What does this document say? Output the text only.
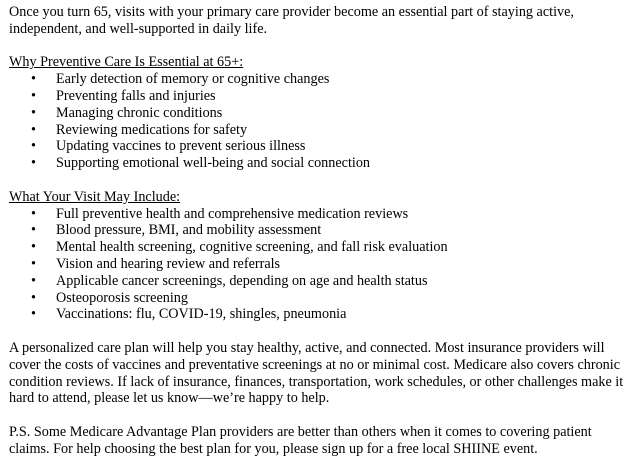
Once you turn 65, visits with your primary care provider become an essential part of staying active, independent, and well-supported in daily life.

Why Preventive Care Is Essential at 65+:

• Early detection of memory or cognitive changes
• Preventing falls and injuries
• Managing chronic conditions
• Reviewing medications for safety
• Updating vaccines to prevent serious illness
• Supporting emotional well-being and social connection

What Your Visit May Include:

• Full preventive health and comprehensive medication reviews
• Blood pressure, BMI, and mobility assessment
• Mental health screening, cognitive screening, and fall risk evaluation
• Vision and hearing review and referrals
• Applicable cancer screenings, depending on age and health status
• Osteoporosis screening
• Vaccinations: flu, COVID-19, shingles, pneumonia

A personalized care plan will help you stay healthy, active, and connected. Most insurance providers will cover the costs of vaccines and preventative screenings at no or minimal cost. Medicare also covers chronic condition reviews. If lack of insurance, finances, transportation, work schedules, or other challenges make it hard to attend, please let us know—we’re happy to help.

P.S. Some Medicare Advantage Plan providers are better than others when it comes to covering patient claims. For help choosing the best plan for you, please sign up for a free local SHIINE event.
